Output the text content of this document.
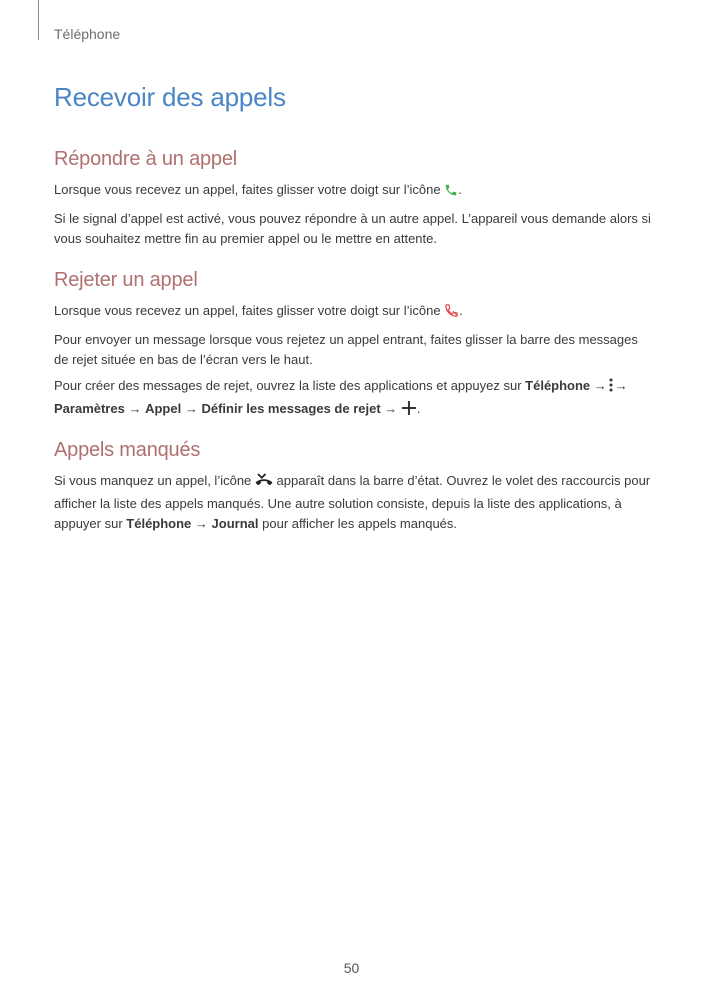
Téléphone
Recevoir des appels
Répondre à un appel

Lorsque vous recevez un appel, faites glisser votre doigt sur l’icône .

Si le signal d’appel est activé, vous pouvez répondre à un autre appel. L’appareil vous demande alors si vous souhaitez mettre fin au premier appel ou le mettre en attente.

Rejeter un appel

Lorsque vous recevez un appel, faites glisser votre doigt sur l’icône .

Pour envoyer un message lorsque vous rejetez un appel entrant, faites glisser la barre des messages de rejet située en bas de l’écran vers le haut.

Pour créer des messages de rejet, ouvrez la liste des applications et appuyez sur Téléphone → → Paramètres → Appel → Définir les messages de rejet → .

Appels manqués

Si vous manquez un appel, l’icône apparaît dans la barre d’état. Ouvrez le volet des raccourcis pour afficher la liste des appels manqués. Une autre solution consiste, depuis la liste des applications, à appuyer sur Téléphone → Journal pour afficher les appels manqués.

50
